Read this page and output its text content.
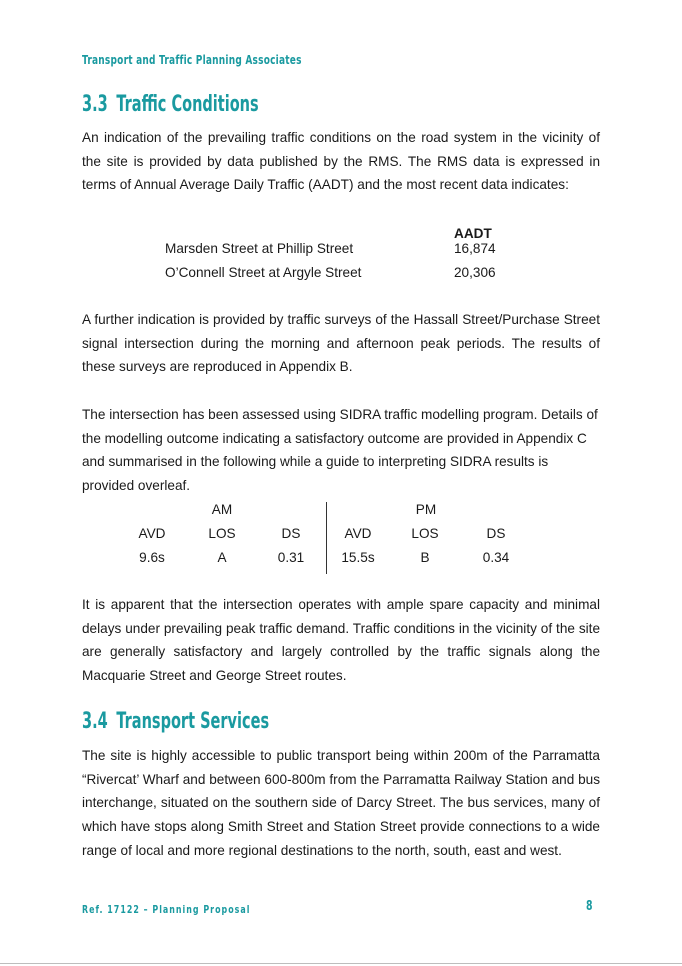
Transport and Traffic Planning Associates
3.3 Traffic Conditions

An indication of the prevailing traffic conditions on the road system in the vicinity of the site is provided by data published by the RMS. The RMS data is expressed in terms of Annual Average Daily Traffic (AADT) and the most recent data indicates:

AADT
Marsden Street at Phillip Street	16,874
O’Connell Street at Argyle Street	20,306

A further indication is provided by traffic surveys of the Hassall Street/Purchase Street signal intersection during the morning and afternoon peak periods. The results of these surveys are reproduced in Appendix B.

The intersection has been assessed using SIDRA traffic modelling program. Details of the modelling outcome indicating a satisfactory outcome are provided in Appendix C and summarised in the following while a guide to interpreting SIDRA results is provided overleaf.

AM	PM
AVD	LOS	DS	AVD	LOS	DS
9.6s	A	0.31	15.5s	B	0.34

It is apparent that the intersection operates with ample spare capacity and minimal delays under prevailing peak traffic demand. Traffic conditions in the vicinity of the site are generally satisfactory and largely controlled by the traffic signals along the Macquarie Street and George Street routes.

3.4 Transport Services

The site is highly accessible to public transport being within 200m of the Parramatta “Rivercat’ Wharf and between 600-800m from the Parramatta Railway Station and bus interchange, situated on the southern side of Darcy Street. The bus services, many of which have stops along Smith Street and Station Street provide connections to a wide range of local and more regional destinations to the north, south, east and west.

Ref. 17122 – Planning Proposal	8
